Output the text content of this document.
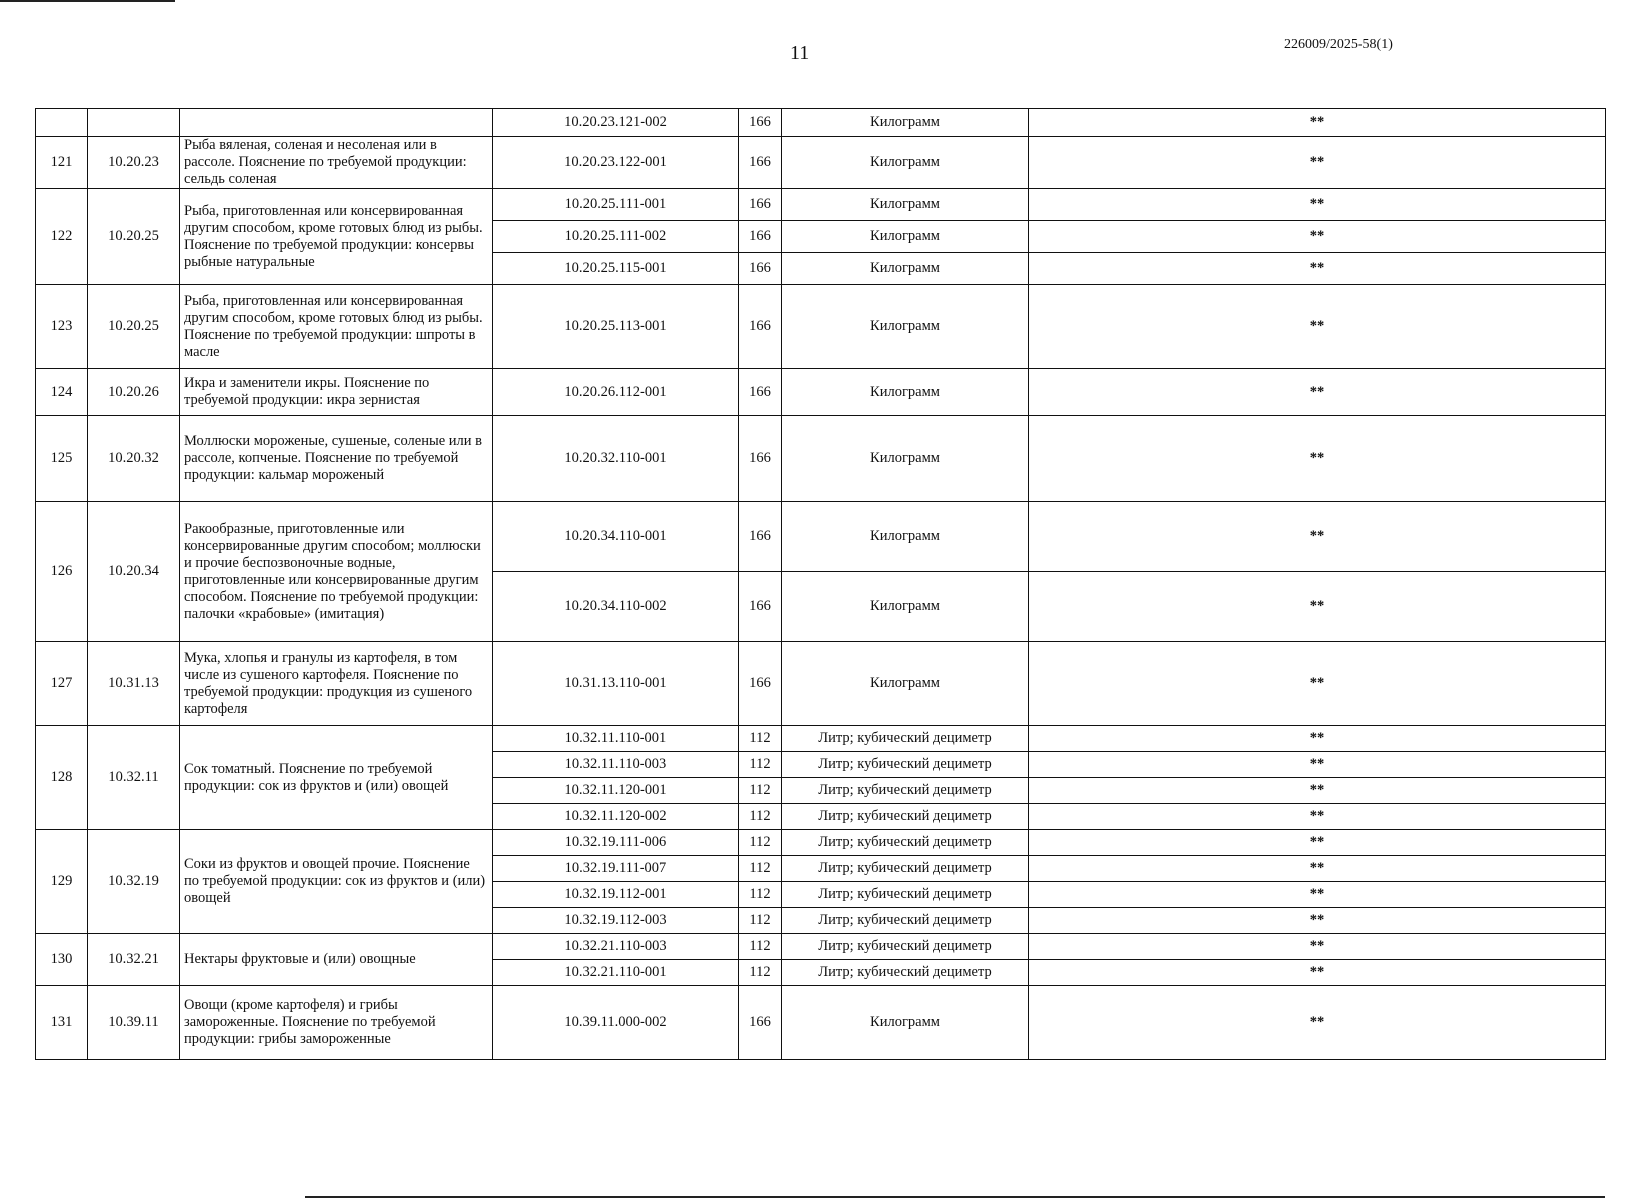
11	226009/2025-58(1)
			10.20.23.121-002	166	Килограмм	**
121	10.20.23	Рыба вяленая, соленая и несоленая или в рассоле. Пояснение по требуемой продукции: сельдь соленая	10.20.23.122-001	166	Килограмм	**
122	10.20.25	Рыба, приготовленная или консервированная другим способом, кроме готовых блюд из рыбы. Пояснение по требуемой продукции: консервы рыбные натуральные	10.20.25.111-001	166	Килограмм	**
			10.20.25.111-002	166	Килограмм	**
			10.20.25.115-001	166	Килограмм	**
123	10.20.25	Рыба, приготовленная или консервированная другим способом, кроме готовых блюд из рыбы. Пояснение по требуемой продукции: шпроты в масле	10.20.25.113-001	166	Килограмм	**
124	10.20.26	Икра и заменители икры. Пояснение по требуемой продукции: икра зернистая	10.20.26.112-001	166	Килограмм	**
125	10.20.32	Моллюски мороженые, сушеные, соленые или в рассоле, копченые. Пояснение по требуемой продукции: кальмар мороженый	10.20.32.110-001	166	Килограмм	**
126	10.20.34	Ракообразные, приготовленные или консервированные другим способом; моллюски и прочие беспозвоночные водные, приготовленные или консервированные другим способом. Пояснение по требуемой продукции: палочки «крабовые» (имитация)	10.20.34.110-001	166	Килограмм	**
			10.20.34.110-002	166	Килограмм	**
127	10.31.13	Мука, хлопья и гранулы из картофеля, в том числе из сушеного картофеля. Пояснение по требуемой продукции: продукция из сушеного картофеля	10.31.13.110-001	166	Килограмм	**
128	10.32.11	Сок томатный. Пояснение по требуемой продукции: сок из фруктов и (или) овощей	10.32.11.110-001	112	Литр; кубический дециметр	**
			10.32.11.110-003	112	Литр; кубический дециметр	**
			10.32.11.120-001	112	Литр; кубический дециметр	**
			10.32.11.120-002	112	Литр; кубический дециметр	**
129	10.32.19	Соки из фруктов и овощей прочие. Пояснение по требуемой продукции: сок из фруктов и (или) овощей	10.32.19.111-006	112	Литр; кубический дециметр	**
			10.32.19.111-007	112	Литр; кубический дециметр	**
			10.32.19.112-001	112	Литр; кубический дециметр	**
			10.32.19.112-003	112	Литр; кубический дециметр	**
130	10.32.21	Нектары фруктовые и (или) овощные	10.32.21.110-003	112	Литр; кубический дециметр	**
			10.32.21.110-001	112	Литр; кубический дециметр	**
131	10.39.11	Овощи (кроме картофеля) и грибы замороженные. Пояснение по требуемой продукции: грибы замороженные	10.39.11.000-002	166	Килограмм	**
